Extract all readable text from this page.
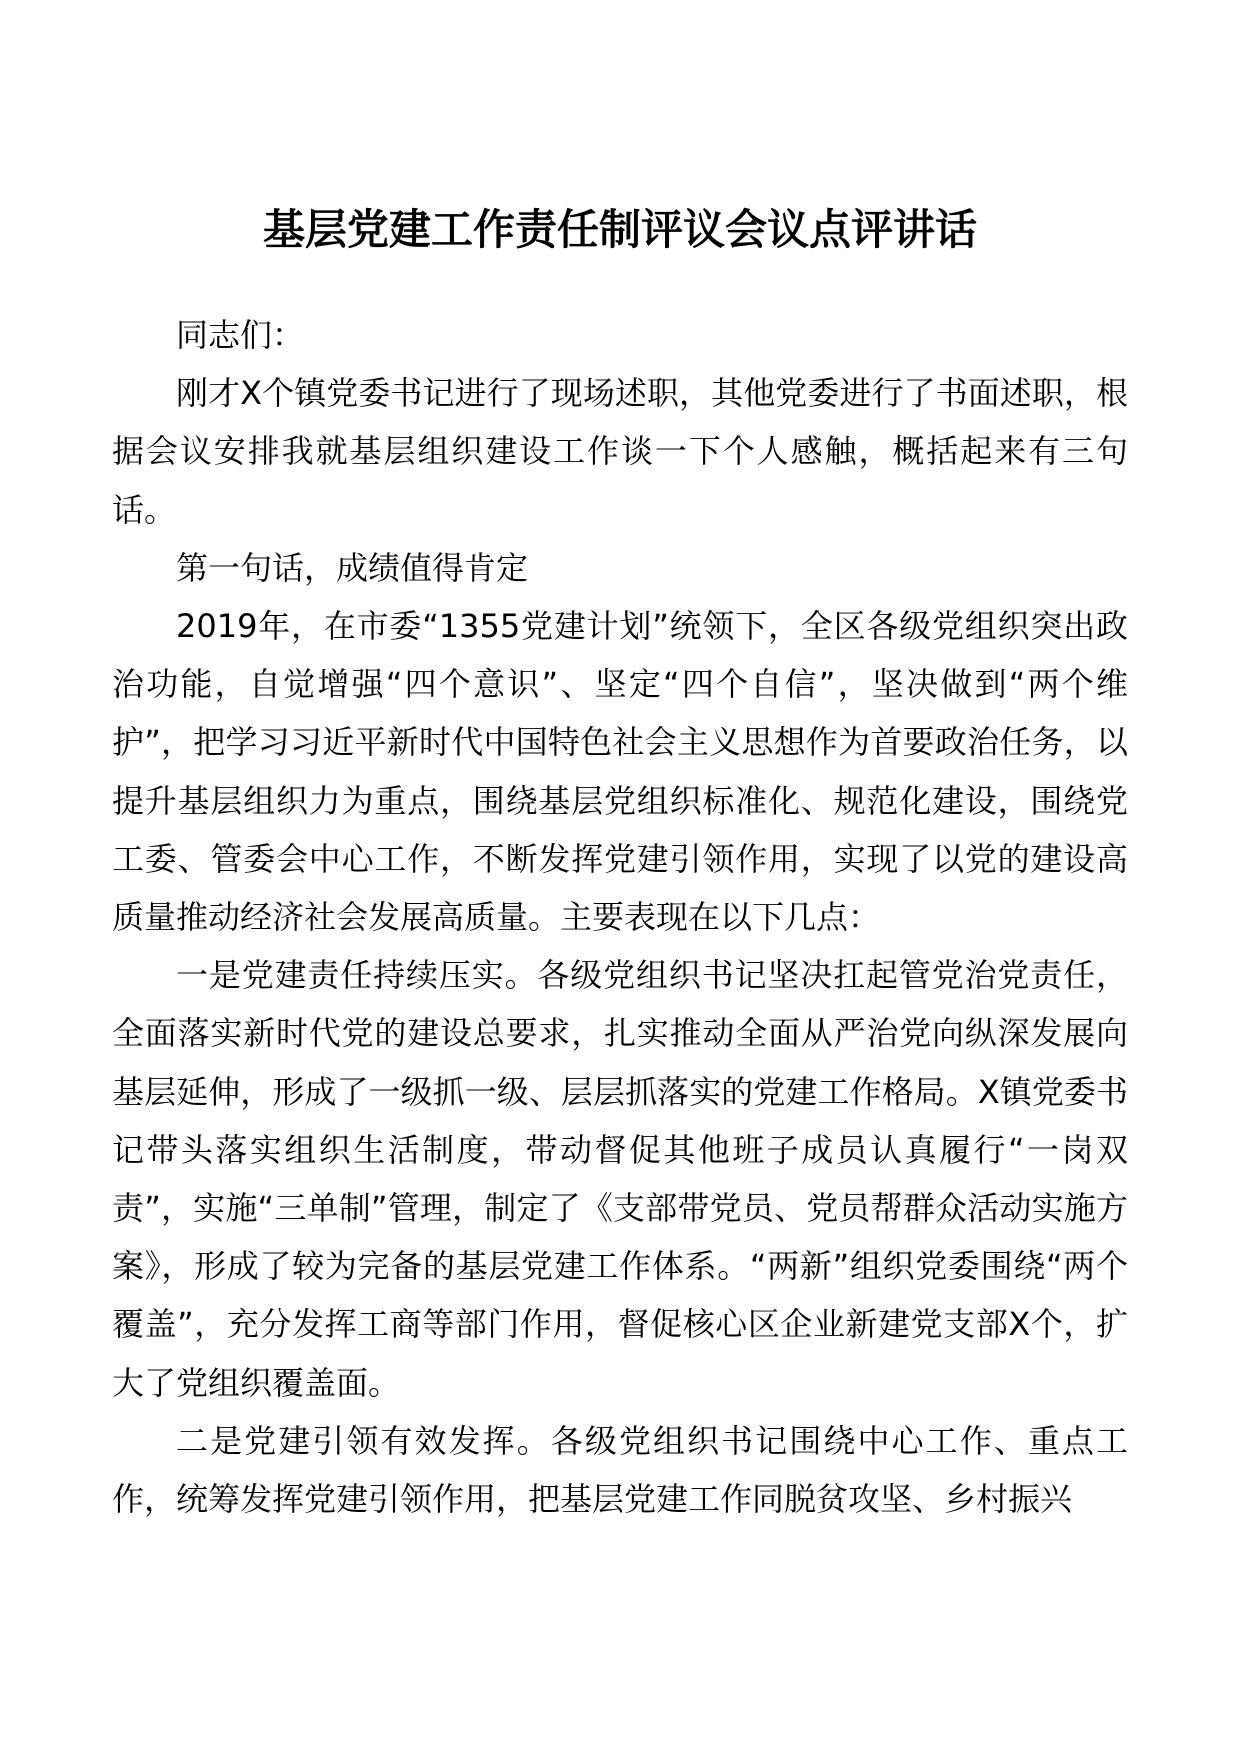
基层党建工作责任制评议会议点评讲话

同志们：

刚才X个镇党委书记进行了现场述职，其他党委进行了书面述职，根据会议安排我就基层组织建设工作谈一下个人感触，概括起来有三句话。

第一句话，成绩值得肯定

2019年，在市委“1355党建计划”统领下，全区各级党组织突出政治功能，自觉增强“四个意识”、坚定“四个自信”，坚决做到“两个维护”，把学习习近平新时代中国特色社会主义思想作为首要政治任务，以提升基层组织力为重点，围绕基层党组织标准化、规范化建设，围绕党工委、管委会中心工作，不断发挥党建引领作用，实现了以党的建设高质量推动经济社会发展高质量。主要表现在以下几点：

一是党建责任持续压实。各级党组织书记坚决扛起管党治党责任，全面落实新时代党的建设总要求，扎实推动全面从严治党向纵深发展向基层延伸，形成了一级抓一级、层层抓落实的党建工作格局。X镇党委书记带头落实组织生活制度，带动督促其他班子成员认真履行“一岗双责”，实施“三单制”管理，制定了《支部带党员、党员帮群众活动实施方案》，形成了较为完备的基层党建工作体系。“两新”组织党委围绕“两个覆盖”，充分发挥工商等部门作用，督促核心区企业新建党支部X个，扩大了党组织覆盖面。

二是党建引领有效发挥。各级党组织书记围绕中心工作、重点工作，统筹发挥党建引领作用，把基层党建工作同脱贫攻坚、乡村振兴
